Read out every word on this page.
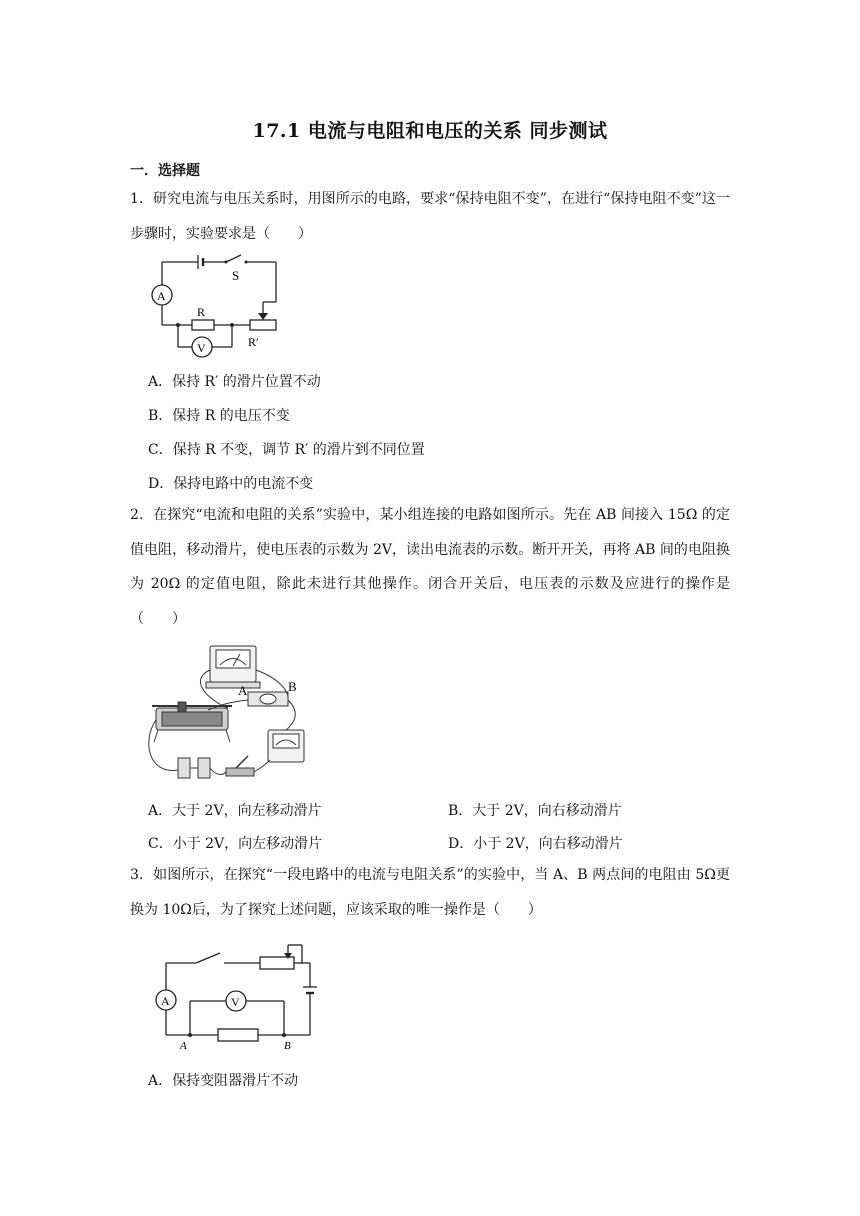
17.1 电流与电阻和电压的关系 同步测试
一．选择题
1．研究电流与电压关系时，用图所示的电路，要求“保持电阻不变”，在进行“保持电阻不变”这一步骤时，实验要求是（　　）
S
A
R
V	R′
A．保持 R′ 的滑片位置不动
B．保持 R 的电压不变
C．保持 R 不变，调节 R′ 的滑片到不同位置
D．保持电路中的电流不变
2．在探究“电流和电阻的关系”实验中，某小组连接的电路如图所示。先在 AB 间接入 15Ω 的定值电阻，移动滑片，使电压表的示数为 2V，读出电流表的示数。断开开关，再将 AB 间的电阻换为 20Ω 的定值电阻，除此未进行其他操作。闭合开关后，电压表的示数及应进行的操作是（　　）
A	B
A．大于 2V，向左移动滑片	B．大于 2V，向右移动滑片
C．小于 2V，向左移动滑片	D．小于 2V，向右移动滑片
3．如图所示，在探究“一段电路中的电流与电阻关系”的实验中，当 A、B 两点间的电阻由 5Ω更换为 10Ω后，为了探究上述问题，应该采取的唯一操作是（　　）
A	V
A	B
A．保持变阻器滑片不动
